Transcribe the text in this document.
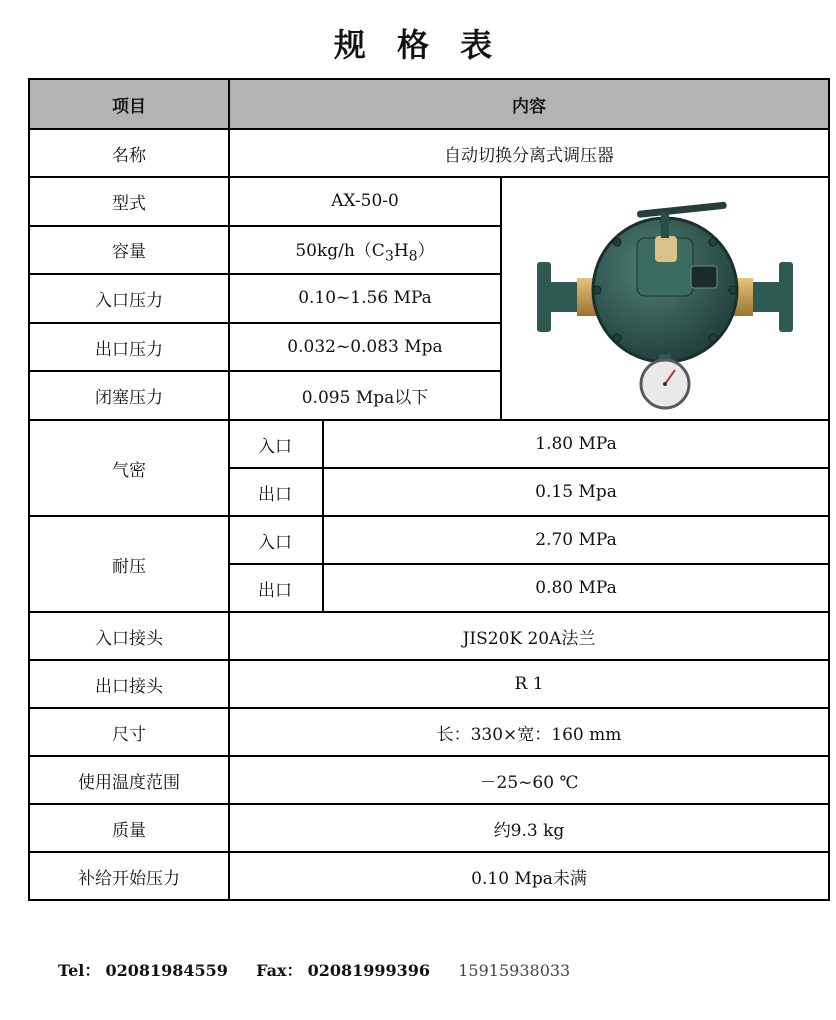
规 格 表
项目	内容		
名称	自动切换分离式调压器		
型式	AX-50-0	
容量	$50kg/h(C_3H_8)$		
入口压力	0.10~1.56 MPa		
出口压力	0.032~0.083 Mpa		
闭塞压力	0.095 Mpa以下		
气密	入口	1.80 MPa	
	出口	0.15 Mpa	
耐压	入口	2.70 MPa	
	出口	0.80 MPa	
入口接头	JIS20K 20A法兰		
出口接头	R 1		
尺寸	长：330×宽：160 mm		
使用温度范围	－25~60 ℃		
质量	约9.3 kg		
补给开始压力	0.10 Mpa未满		
Tel： 02081984559 Fax： 02081999396 15915938033
